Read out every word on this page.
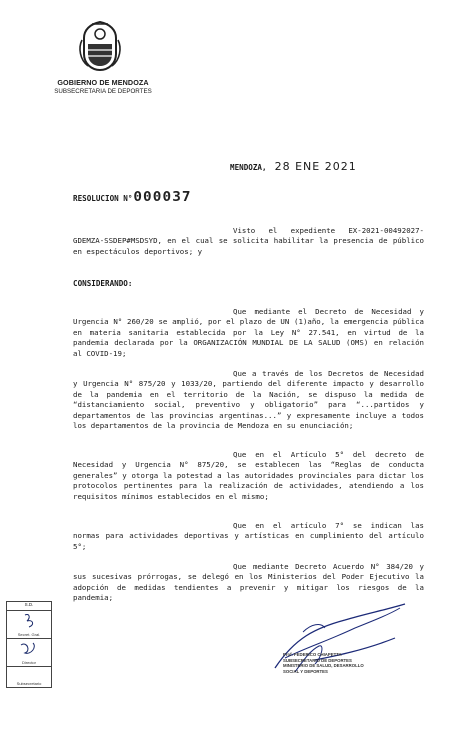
GOBIERNO DE MENDOZA
SUBSECRETARIA DE DEPORTES
MENDOZA, 28 ENE 2021
RESOLUCION N°000037
Visto el expediente EX-2021-00492027-GDEMZA-SSDEP#MSDSYD, en el cual se solicita habilitar la presencia de público en espectáculos deportivos; y
CONSIDERANDO:
Que mediante el Decreto de Necesidad y Urgencia N° 260/20 se amplió, por el plazo de UN (1)año, la emergencia pública en materia sanitaria establecida por la Ley N° 27.541, en virtud de la pandemia declarada por la ORGANIZACIÓN MUNDIAL DE LA SALUD (OMS) en relación al COVID-19;
Que a través de los Decretos de Necesidad y Urgencia N° 875/20 y 1033/20, partiendo del diferente impacto y desarrollo de la pandemia en el territorio de la Nación, se dispuso la medida de “distanciamiento social, preventivo y obligatorio” para “...partidos y departamentos de las provincias argentinas...” y expresamente incluye a todos los departamentos de la provincia de Mendoza en su enunciación;
Que en el Artículo 5° del decreto de Necesidad y Urgencia N° 875/20, se establecen las “Reglas de conducta generales” y otorga la potestad a las autoridades provinciales para dictar los protocolos pertinentes para la realización de actividades, atendiendo a los requisitos mínimos establecidos en el mismo;
Que en el artículo 7° se indican las normas para actividades deportivas y artísticas en cumplimiento del artículo 5°;
Que mediante Decreto Acuerdo N° 384/20 y sus sucesivas prórrogas, se delegó en los Ministerios del Poder Ejecutivo la adopción de medidas tendientes a prevenir y mitigar los riesgos de la pandemia;
S.D.
Secret. Gral.
Director
Subsecretario
Prof. FEDERICO CHIAPETTA
SUBSECRETARIO DE DEPORTES
MINISTERIO DE SALUD, DESARROLLO
SOCIAL Y DEPORTES
